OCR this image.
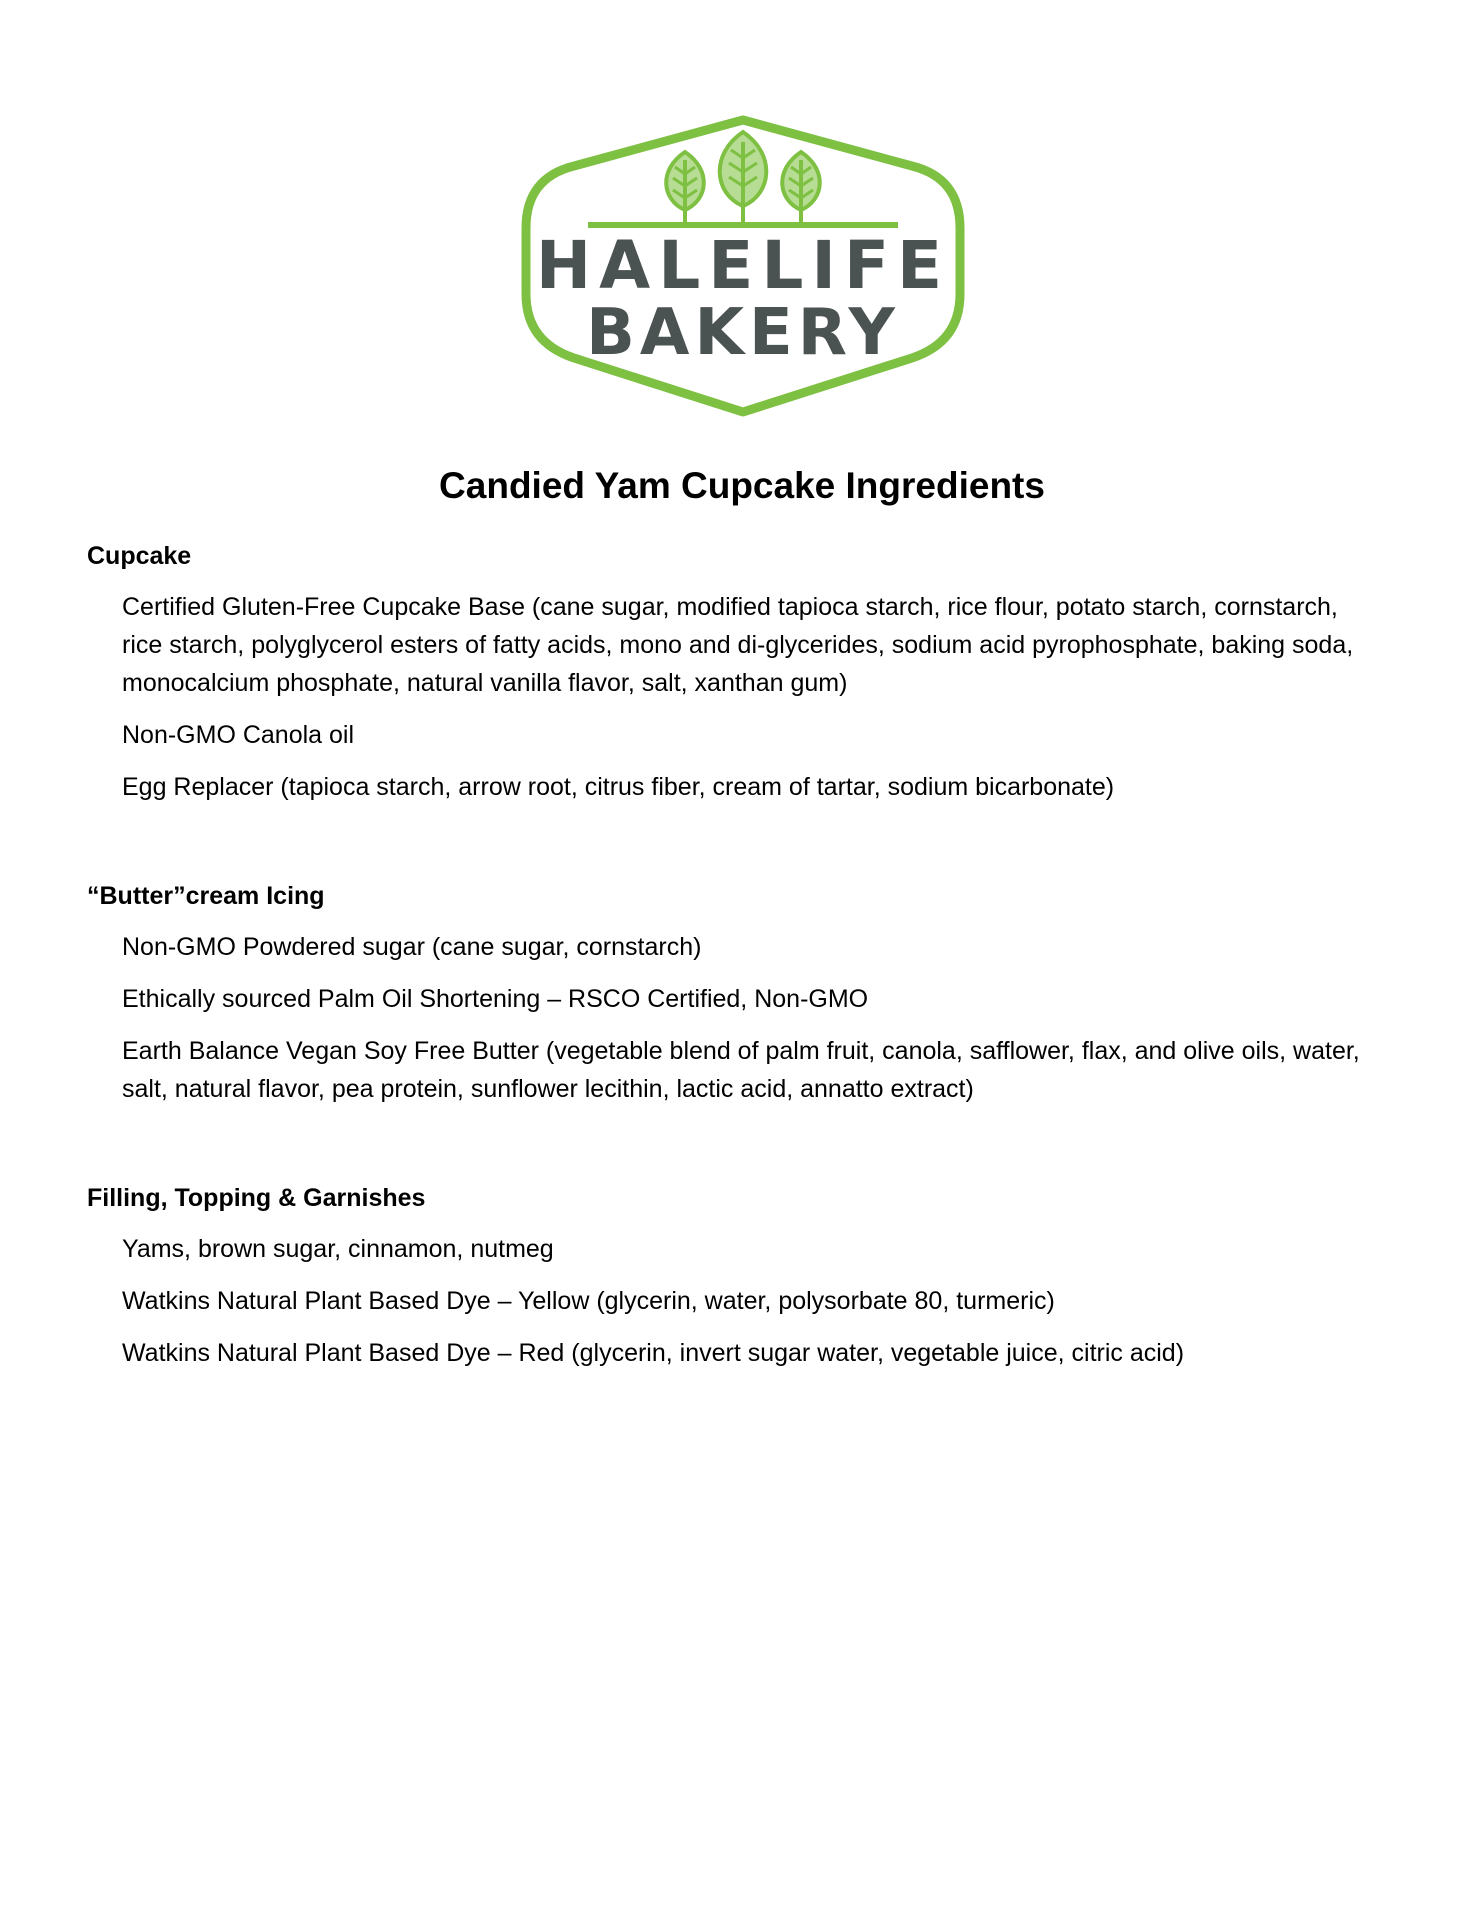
HALELIFE
BAKERY
Candied Yam Cupcake Ingredients
Cupcake
Certified Gluten-Free Cupcake Base (cane sugar, modified tapioca starch, rice flour, potato starch, cornstarch, rice starch, polyglycerol esters of fatty acids, mono and di-glycerides, sodium acid pyrophosphate, baking soda, monocalcium phosphate, natural vanilla flavor, salt, xanthan gum)
Non-GMO Canola oil
Egg Replacer (tapioca starch, arrow root, citrus fiber, cream of tartar, sodium bicarbonate)
“Butter”cream Icing
Non-GMO Powdered sugar (cane sugar, cornstarch)
Ethically sourced Palm Oil Shortening – RSCO Certified, Non-GMO
Earth Balance Vegan Soy Free Butter (vegetable blend of palm fruit, canola, safflower, flax, and olive oils, water, salt, natural flavor, pea protein, sunflower lecithin, lactic acid, annatto extract)
Filling, Topping & Garnishes
Yams, brown sugar, cinnamon, nutmeg
Watkins Natural Plant Based Dye – Yellow (glycerin, water, polysorbate 80, turmeric)
Watkins Natural Plant Based Dye – Red (glycerin, invert sugar water, vegetable juice, citric acid)
